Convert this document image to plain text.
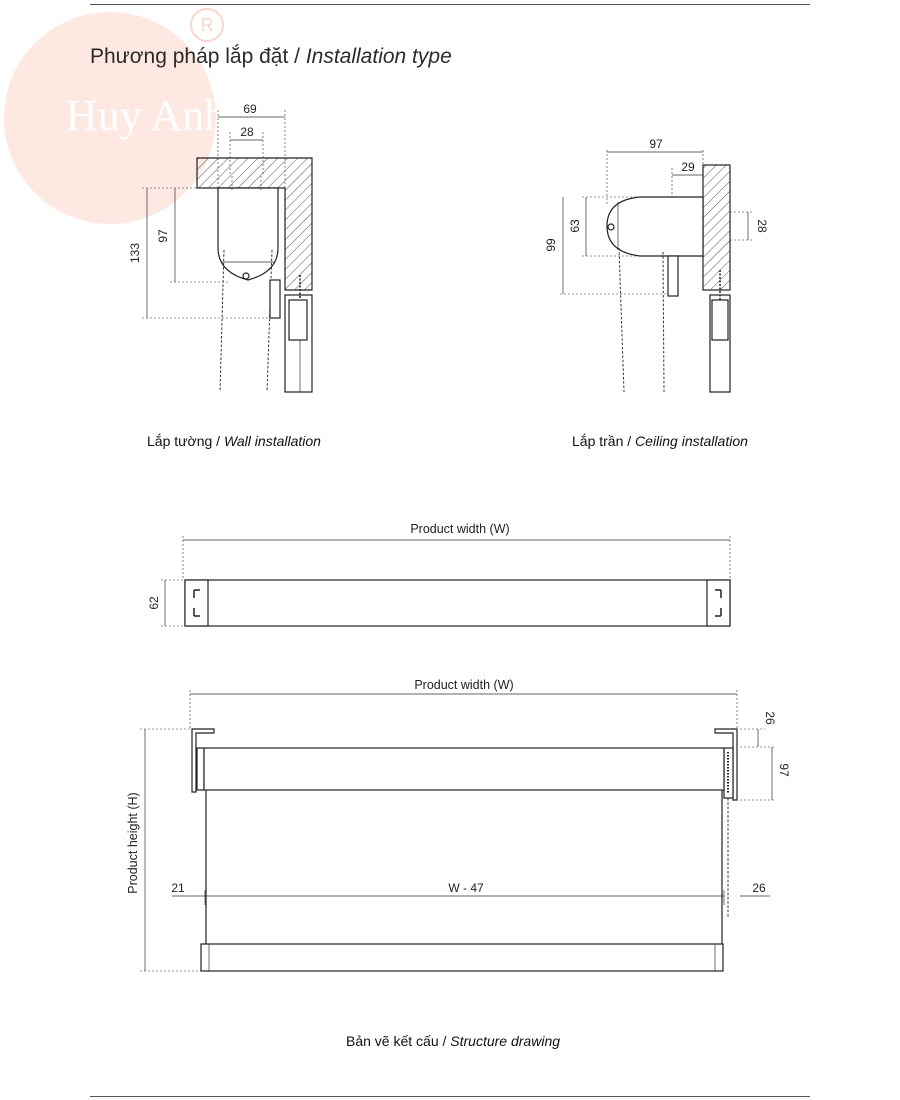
Huy Anh
R
Phương pháp lắp đặt / Installation type
69
28
133
97
97
29
63
99
28
Product width (W)
62
Product width (W)
Product height (H)	W - 47
21	26
26
97
Lắp tường / Wall installation	Lắp trần / Ceiling installation
Bản vẽ kết cấu / Structure drawing
